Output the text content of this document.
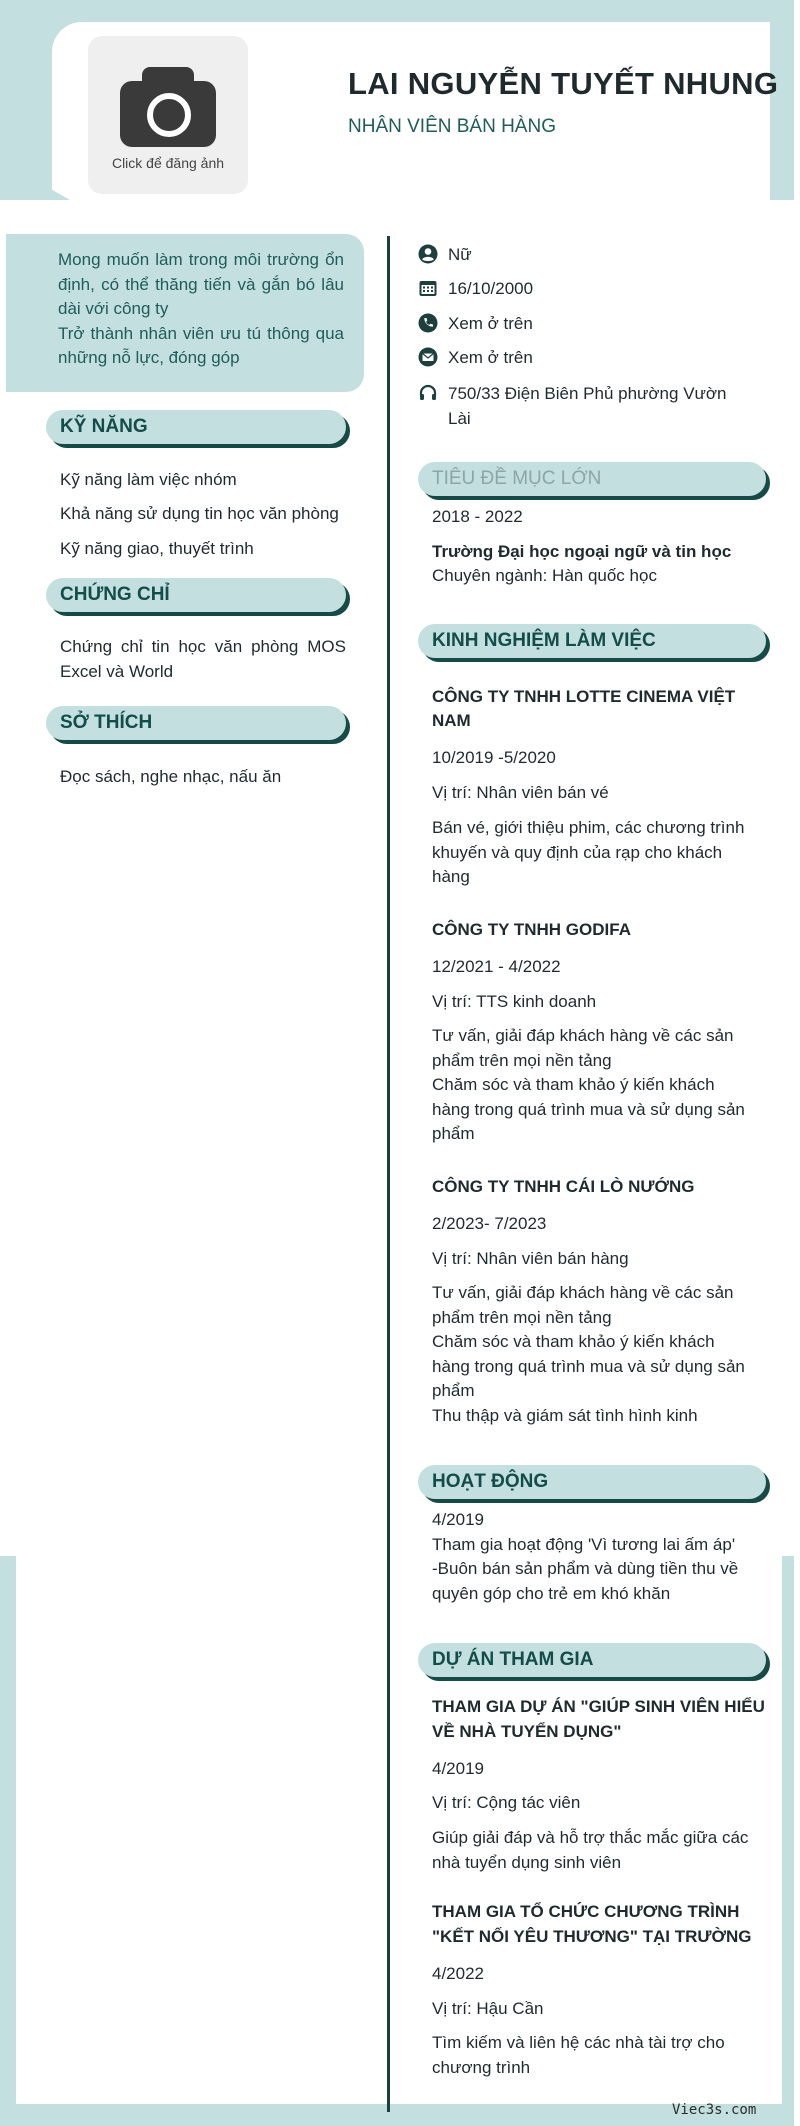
Click để đăng ảnh
LAI NGUYỄN TUYẾT NHUNG
NHÂN VIÊN BÁN HÀNG

Mong muốn làm trong môi trường ổn định, có thể thăng tiến và gắn bó lâu dài với công ty

Trở thành nhân viên ưu tú thông qua những nỗ lực, đóng góp

KỸ NĂNG
Kỹ năng làm việc nhóm
Khả năng sử dụng tin học văn phòng
Kỹ năng giao, thuyết trình
CHỨNG CHỈ
Chứng chỉ tin học văn phòng MOS Excel và World
SỞ THÍCH
Đọc sách, nghe nhạc, nấu ăn
Nữ
16/10/2000
Xem ở trên
Xem ở trên
750/33 Điện Biên Phủ phường Vườn Lài
TIÊU ĐỀ MỤC LỚN
2018 - 2022
Trường Đại học ngoại ngữ và tin học
Chuyên ngành: Hàn quốc học
KINH NGHIỆM LÀM VIỆC
CÔNG TY TNHH LOTTE CINEMA VIỆT
NAM
10/2019 -5/2020
Vị trí: Nhân viên bán vé
Bán vé, giới thiệu phim, các chương trình khuyến và quy định của rạp cho khách hàng
CÔNG TY TNHH GODIFA
12/2021 - 4/2022
Vị trí: TTS kinh doanh
Tư vấn, giải đáp khách hàng về các sản phẩm trên mọi nền tảng
Chăm sóc và tham khảo ý kiến khách hàng trong quá trình mua và sử dụng sản phẩm
CÔNG TY TNHH CÁI LÒ NƯỚNG
2/2023- 7/2023
Vị trí: Nhân viên bán hàng
Tư vấn, giải đáp khách hàng về các sản phẩm trên mọi nền tảng
Chăm sóc và tham khảo ý kiến khách hàng trong quá trình mua và sử dụng sản phẩm
Thu thập và giám sát tình hình kinh
HOẠT ĐỘNG
4/2019
Tham gia hoạt động 'Vì tương lai ấm áp'
-Buôn bán sản phẩm và dùng tiền thu về quyên góp cho trẻ em khó khăn
DỰ ÁN THAM GIA
THAM GIA DỰ ÁN "GIÚP SINH VIÊN HIỂU
VỀ NHÀ TUYỂN DỤNG"
4/2019
Vị trí: Cộng tác viên
Giúp giải đáp và hỗ trợ thắc mắc giữa các nhà tuyển dụng sinh viên
THAM GIA TỔ CHỨC CHƯƠNG TRÌNH
"KẾT NỐI YÊU THƯƠNG" TẠI TRƯỜNG
4/2022
Vị trí: Hậu Cần
Tìm kiếm và liên hệ các nhà tài trợ cho chương trình
Viec3s.com
